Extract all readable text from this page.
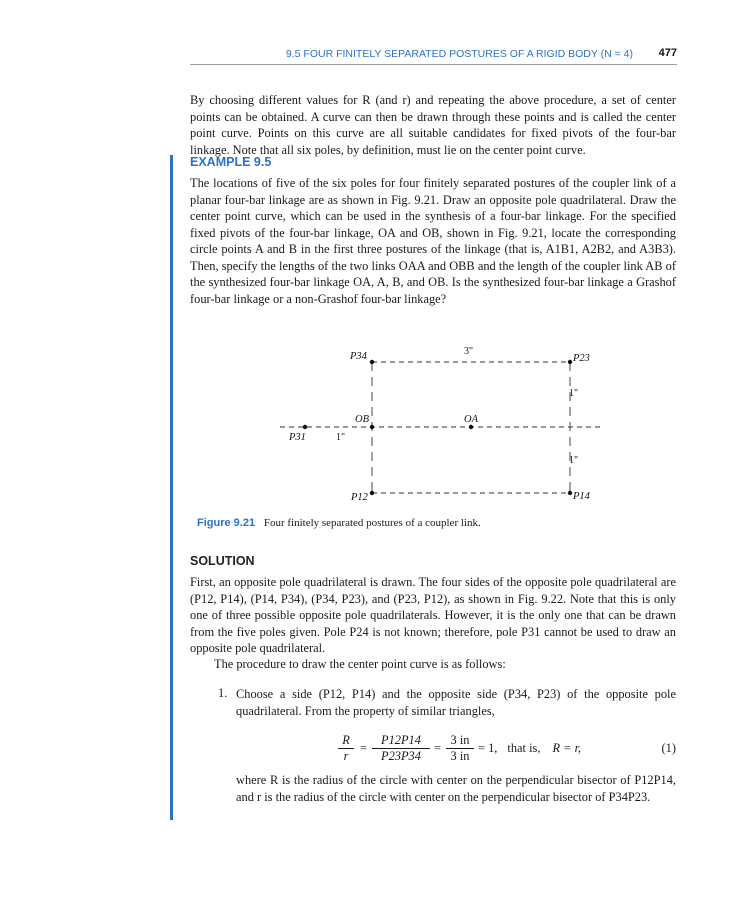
9.5 FOUR FINITELY SEPARATED POSTURES OF A RIGID BODY (N = 4) 477

By choosing different values for R (and r) and repeating the above procedure, a set of center points can be obtained. A curve can then be drawn through these points and is called the center point curve. Points on this curve are all suitable candidates for fixed pivots of the four-bar linkage. Note that all six poles, by definition, must lie on the center point curve.

EXAMPLE 9.5

The locations of five of the six poles for four finitely separated postures of the coupler link of a planar four-bar linkage are as shown in Fig. 9.21. Draw an opposite pole quadrilateral. Draw the center point curve, which can be used in the synthesis of a four-bar linkage. For the specified fixed pivots of the four-bar linkage, OA and OB, shown in Fig. 9.21, locate the corresponding circle points A and B in the first three postures of the linkage (that is, A1B1, A2B2, and A3B3). Then, specify the lengths of the two links OAA and OBB and the length of the coupler link AB of the synthesized four-bar linkage OA, A, B, and OB. Is the synthesized four-bar linkage a Grashof four-bar linkage or a non-Grashof four-bar linkage?

P34	P23
P12	P14
P31
OB	OA
3"
1"
1"
1"

Figure 9.21 Four finitely separated postures of a coupler link.

SOLUTION

First, an opposite pole quadrilateral is drawn. The four sides of the opposite pole quadrilateral are (P12, P14), (P14, P34), (P34, P23), and (P23, P12), as shown in Fig. 9.22. Note that this is only one of three possible opposite pole quadrilaterals. However, it is the only one that can be drawn from the five poles given. Pole P24 is not known; therefore, pole P31 cannot be used to draw an opposite pole quadrilateral.

The procedure to draw the center point curve is as follows:

1. Choose a side (P12, P14) and the opposite side (P34, P23) of the opposite pole quadrilateral. From the property of similar triangles,

$\frac{R}{r} = \frac{P12P14}{P23P34} = \frac{3 in}{3 in} = 1$, that is, R = r,	(1)

where R is the radius of the circle with center on the perpendicular bisector of P12P14, and r is the radius of the circle with center on the perpendicular bisector of P34P23.
